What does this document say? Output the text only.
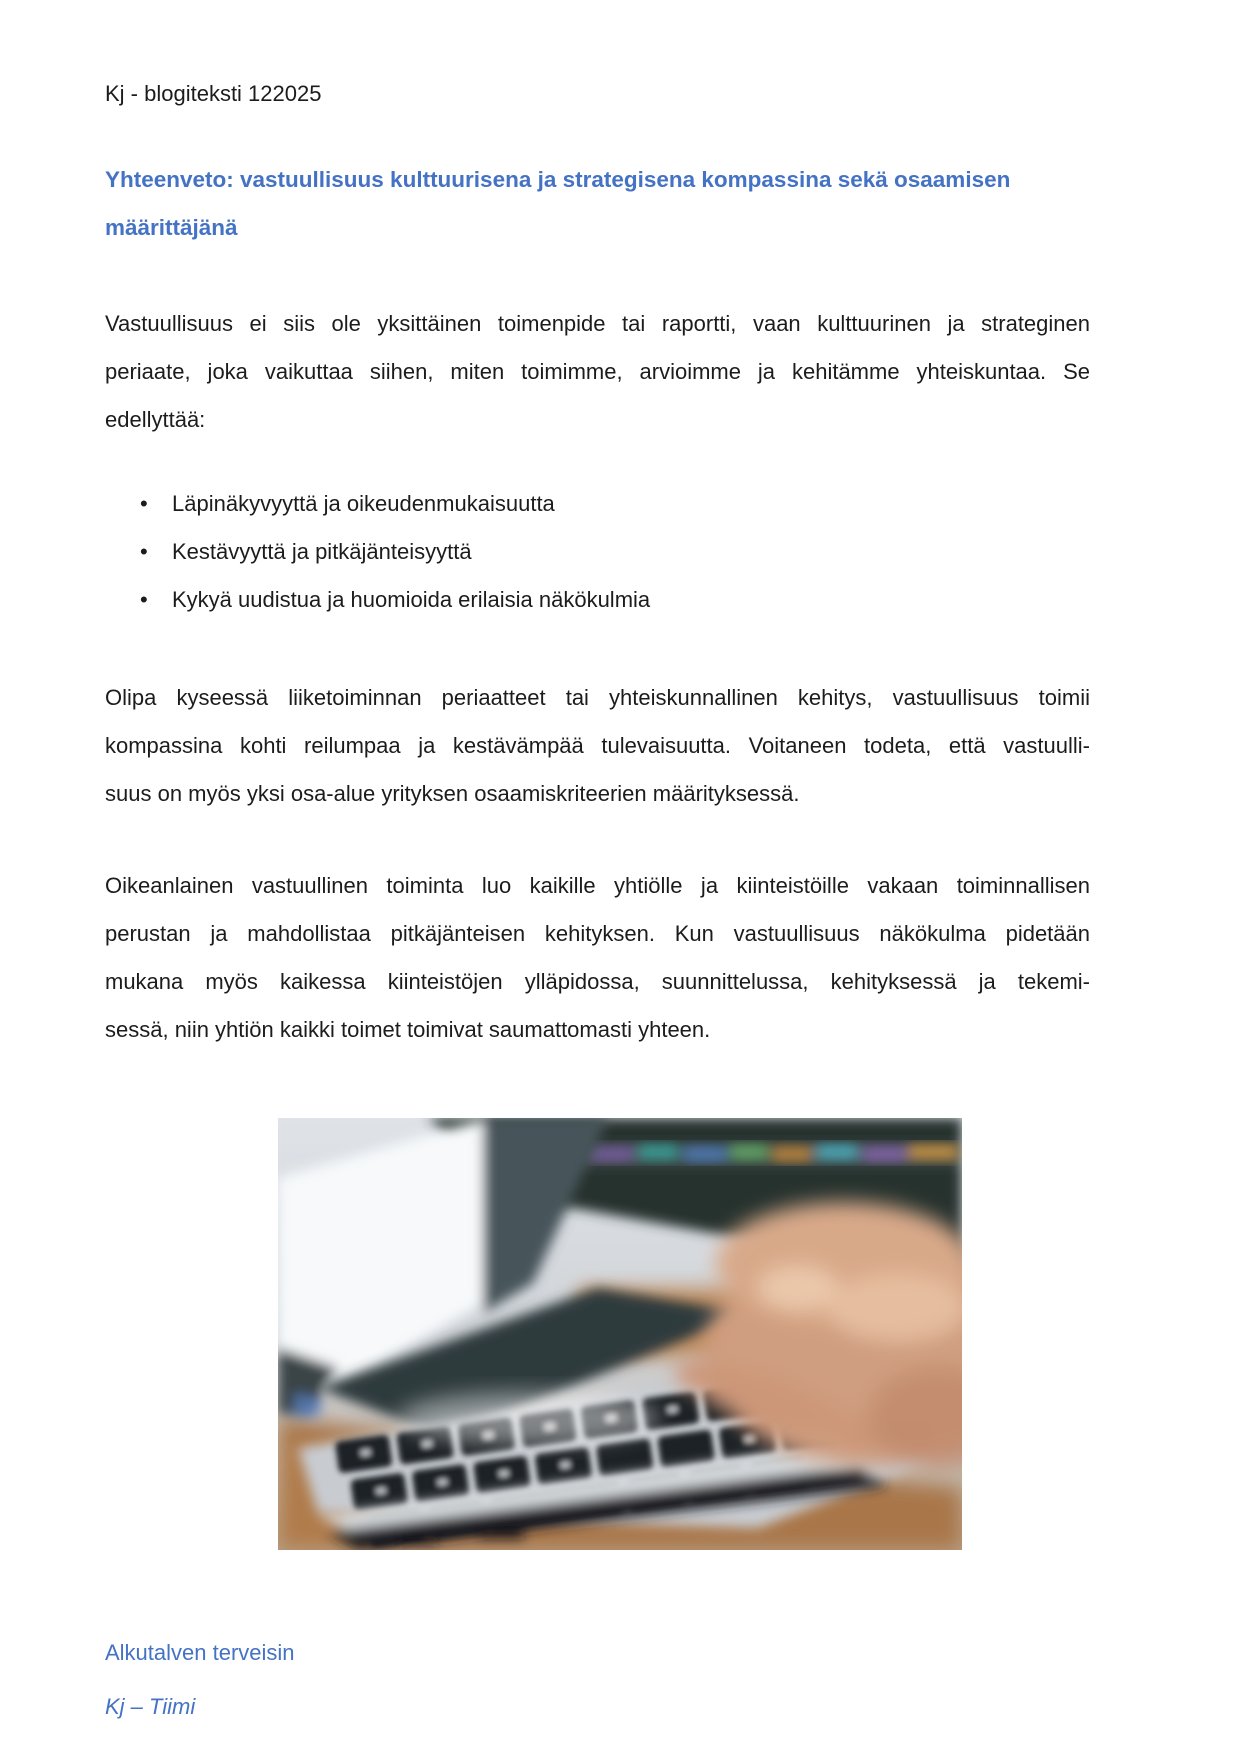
Kj - blogiteksti 122025
Yhteenveto: vastuullisuus kulttuurisena ja strategisena kompassina sekä osaamisen
määrittäjänä
Vastuullisuus ei siis ole yksittäinen toimenpide tai raportti, vaan kulttuurinen ja strateginen
periaate, joka vaikuttaa siihen, miten toimimme, arvioimme ja kehitämme yhteiskuntaa. Se
edellyttää:
•	Läpinäkyvyyttä ja oikeudenmukaisuutta
•	Kestävyyttä ja pitkäjänteisyyttä
•	Kykyä uudistua ja huomioida erilaisia näkökulmia
Olipa kyseessä liiketoiminnan periaatteet tai yhteiskunnallinen kehitys, vastuullisuus toimii
kompassina kohti reilumpaa ja kestävämpää tulevaisuutta. Voitaneen todeta, että vastuulli-
suus on myös yksi osa-alue yrityksen osaamiskriteerien määrityksessä.
Oikeanlainen vastuullinen toiminta luo kaikille yhtiölle ja kiinteistöille vakaan toiminnallisen
perustan ja mahdollistaa pitkäjänteisen kehityksen. Kun vastuullisuus näkökulma pidetään
mukana myös kaikessa kiinteistöjen ylläpidossa, suunnittelussa, kehityksessä ja tekemi-
sessä, niin yhtiön kaikki toimet toimivat saumattomasti yhteen.
Alkutalven terveisin
Kj – Tiimi
